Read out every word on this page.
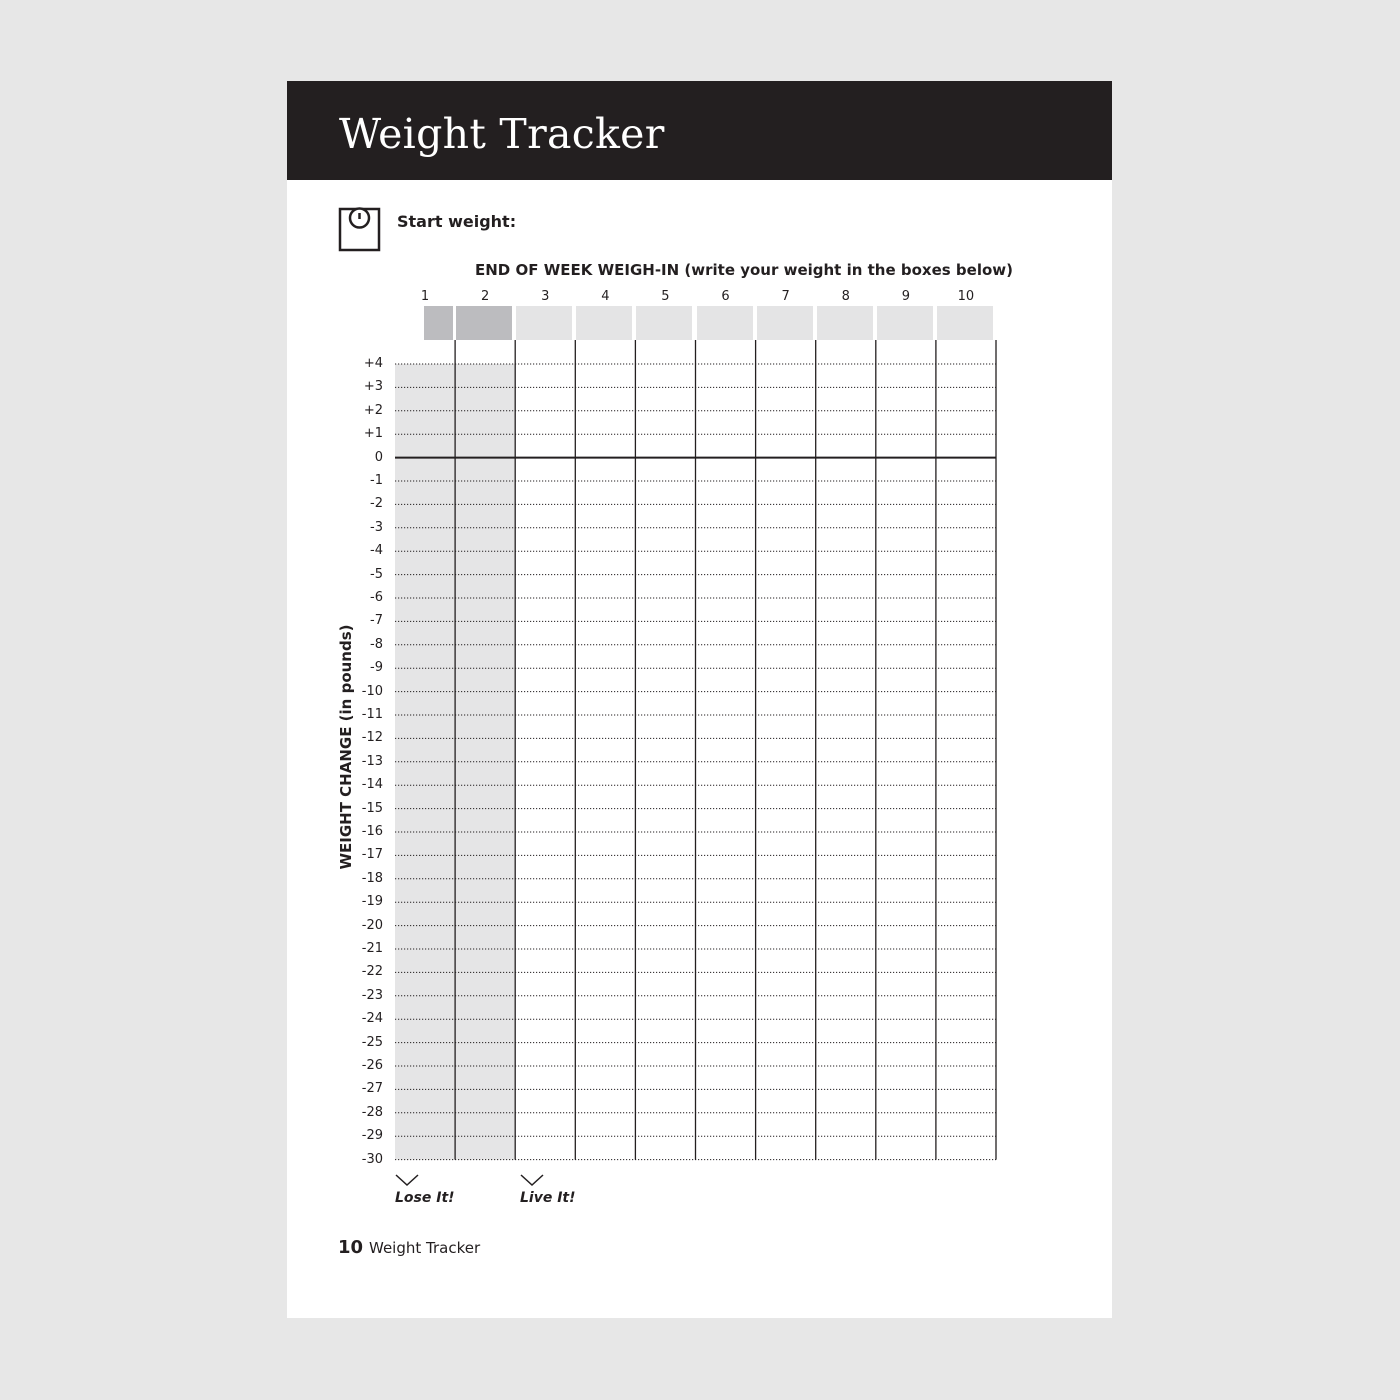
Weight Tracker
Start weight:
END OF WEEK WEIGH-IN (write your weight in the boxes below)
1	2	3	4	5	6	7	8	9	10
WEIGHT CHANGE (in pounds)
+4
+3
+2
+1
0
-1
-2
-3
-4
-5
-6
-7
-8
-9
-10
-11
-12
-13
-14
-15
-16
-17
-18
-19
-20
-21
-22
-23
-24
-25
-26
-27
-28
-29
-30
Lose It!	Live It!
10 Weight Tracker
